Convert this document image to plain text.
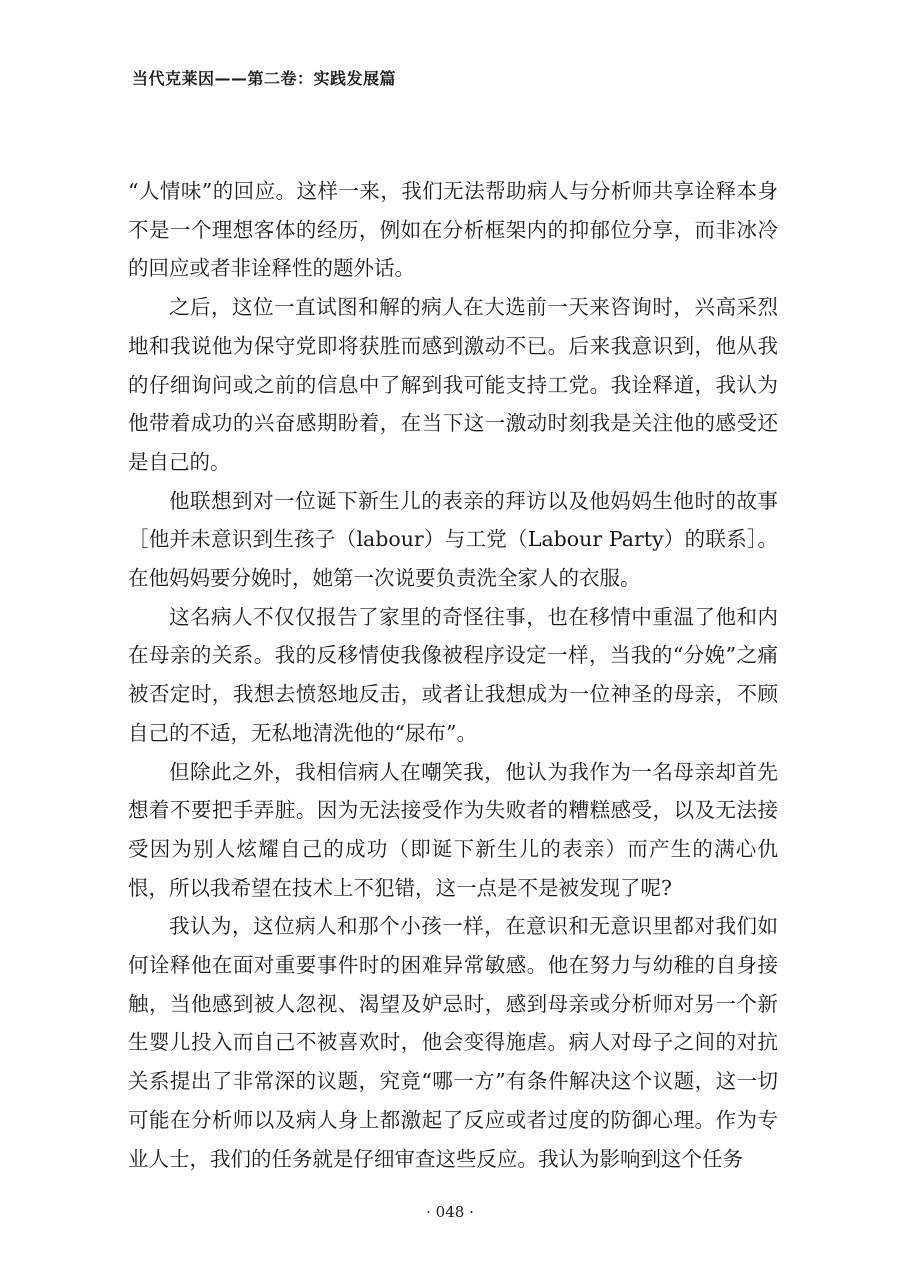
当代克莱因——第二卷：实践发展篇

“人情味”的回应。这样一来，我们无法帮助病人与分析师共享诠释本身不是一个理想客体的经历，例如在分析框架内的抑郁位分享，而非冰冷的回应或者非诠释性的题外话。

之后，这位一直试图和解的病人在大选前一天来咨询时，兴高采烈地和我说他为保守党即将获胜而感到激动不已。后来我意识到，他从我的仔细询问或之前的信息中了解到我可能支持工党。我诠释道，我认为他带着成功的兴奋感期盼着，在当下这一激动时刻我是关注他的感受还是自己的。

他联想到对一位诞下新生儿的表亲的拜访以及他妈妈生他时的故事［他并未意识到生孩子（labour）与工党（Labour Party）的联系］。在他妈妈要分娩时，她第一次说要负责洗全家人的衣服。

这名病人不仅仅报告了家里的奇怪往事，也在移情中重温了他和内在母亲的关系。我的反移情使我像被程序设定一样，当我的“分娩”之痛被否定时，我想去愤怒地反击，或者让我想成为一位神圣的母亲，不顾自己的不适，无私地清洗他的“尿布”。

但除此之外，我相信病人在嘲笑我，他认为我作为一名母亲却首先想着不要把手弄脏。因为无法接受作为失败者的糟糕感受，以及无法接受因为别人炫耀自己的成功（即诞下新生儿的表亲）而产生的满心仇恨，所以我希望在技术上不犯错，这一点是不是被发现了呢?

我认为，这位病人和那个小孩一样，在意识和无意识里都对我们如何诠释他在面对重要事件时的困难异常敏感。他在努力与幼稚的自身接触，当他感到被人忽视、渴望及妒忌时，感到母亲或分析师对另一个新生婴儿投入而自己不被喜欢时，他会变得施虐。病人对母子之间的对抗关系提出了非常深的议题，究竟“哪一方”有条件解决这个议题，这一切可能在分析师以及病人身上都激起了反应或者过度的防御心理。作为专业人士，我们的任务就是仔细审查这些反应。我认为影响到这个任务

· 048 ·
